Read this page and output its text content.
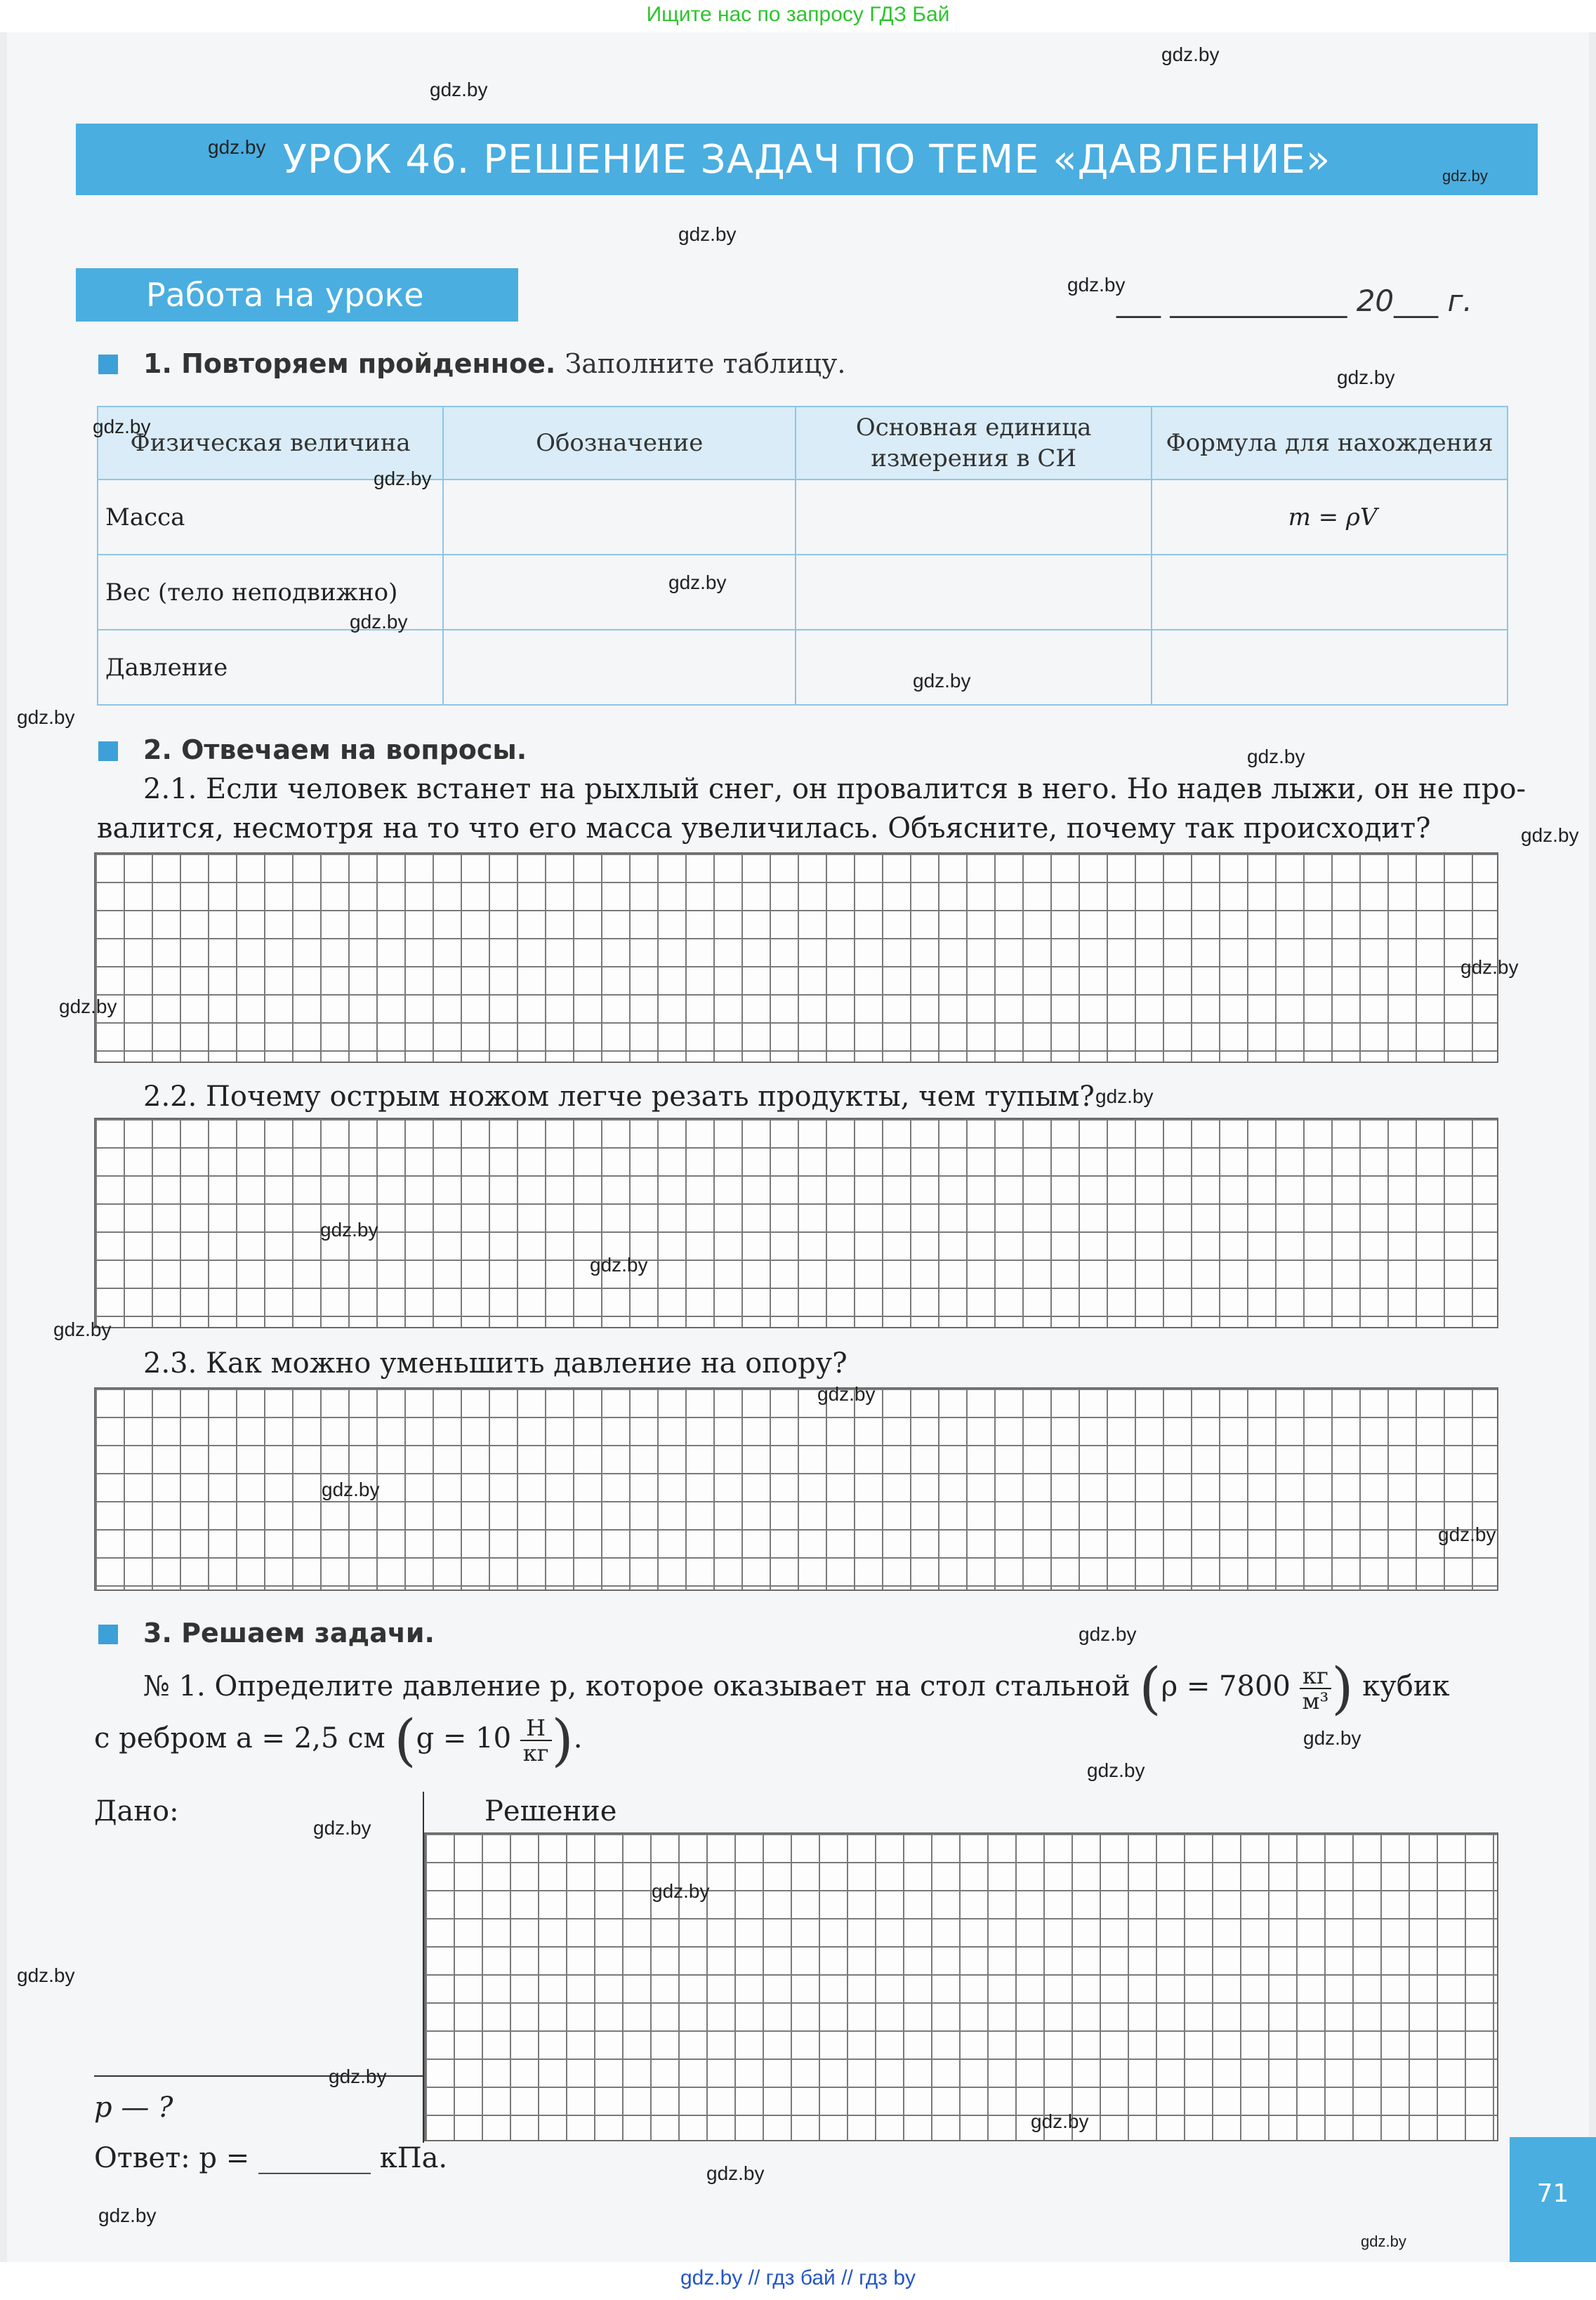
Ищите нас по запросу ГДЗ Бай
УРОК 46. РЕШЕНИЕ ЗАДАЧ ПО ТЕМЕ «ДАВЛЕНИЕ»
Работа на уроке	___ ____________ 20___ г.
1. Повторяем пройденное. Заполните таблицу.
Физическая величина	Обозначение	Основная единица измерения в СИ	Формула для нахождения
Масса			m = ρV
Вес (тело неподвижно)			
Давление			
2. Отвечаем на вопросы.
2.1. Если человек встанет на рыхлый снег, он провалится в него. Но надев лыжи, он не про-
валится, несмотря на то что его масса увеличилась. Объясните, почему так происходит?
2.2. Почему острым ножом легче резать продукты, чем тупым?
2.3. Как можно уменьшить давление на опору?
3. Решаем задачи.
№ 1. Определите давление p, которое оказывает на стол стальной ($\rho = 7800 \frac{кг}{\text{м³}}$ ) кубик
с ребром a = 2,5 см ($g = 10 \frac{Н}{кг}$ ).
Дано:	Решение
p — ?
Ответ: p = ________ кПа.
71
gdz.by
gdz.by
gdz.by
gdz.by
gdz.by
gdz.by
gdz.by
gdz.by
gdz.by
gdz.by
gdz.by
gdz.by
gdz.by
gdz.by
gdz.by
gdz.by
gdz.by
gdz.by
gdz.by
gdz.by
gdz.by
gdz.by
gdz.by
gdz.by
gdz.by
gdz.by
gdz.by
gdz.by
gdz.by
gdz.by
gdz.by
gdz.by
gdz.by
gdz.by
gdz.by
gdz.by // гдз бай // гдз by
